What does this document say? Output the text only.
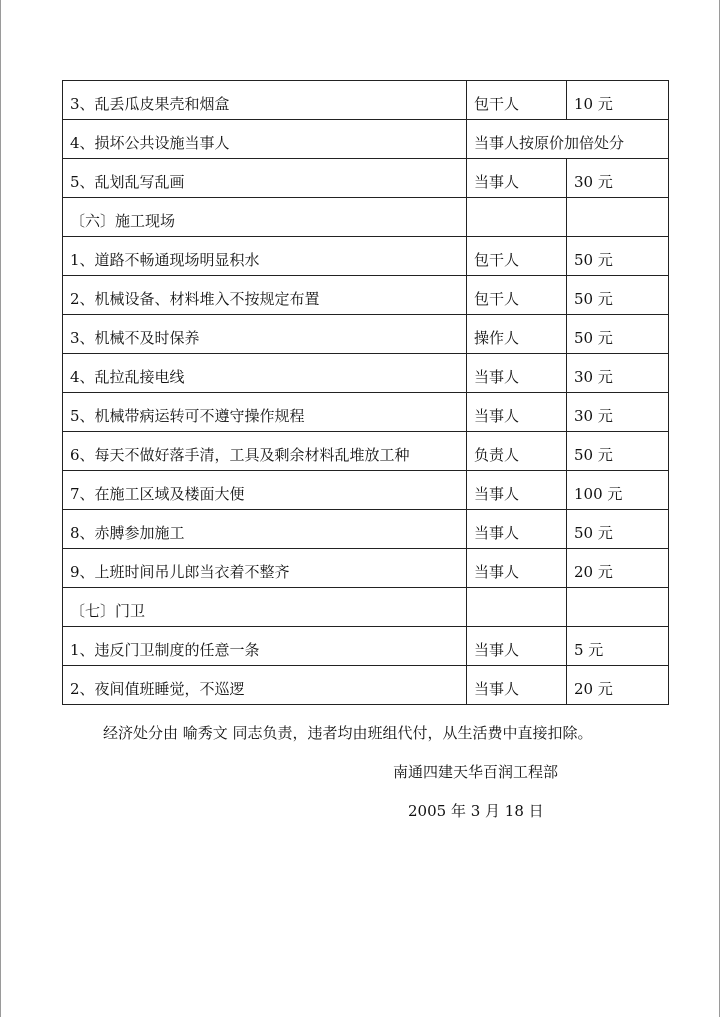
3、乱丢瓜皮果壳和烟盒	包干人	10 元
4、损坏公共设施当事人	当事人按原价加倍处分	
5、乱划乱写乱画	当事人	30 元
〔六〕施工现场		
1、道路不畅通现场明显积水	包干人	50 元
2、机械设备、材料堆入不按规定布置	包干人	50 元
3、机械不及时保养	操作人	50 元
4、乱拉乱接电线	当事人	30 元
5、机械带病运转可不遵守操作规程	当事人	30 元
6、每天不做好落手清，工具及剩余材料乱堆放工种	负责人	50 元
7、在施工区域及楼面大便	当事人	100 元
8、赤膊参加施工	当事人	50 元
9、上班时间吊儿郎当衣着不整齐	当事人	20 元
〔七〕门卫		
1、违反门卫制度的任意一条	当事人	5 元
2、夜间值班睡觉，不巡逻	当事人	20 元
经济处分由 喻秀文 同志负责，违者均由班组代付，从生活费中直接扣除。
南通四建天华百润工程部
2005 年 3 月 18 日
